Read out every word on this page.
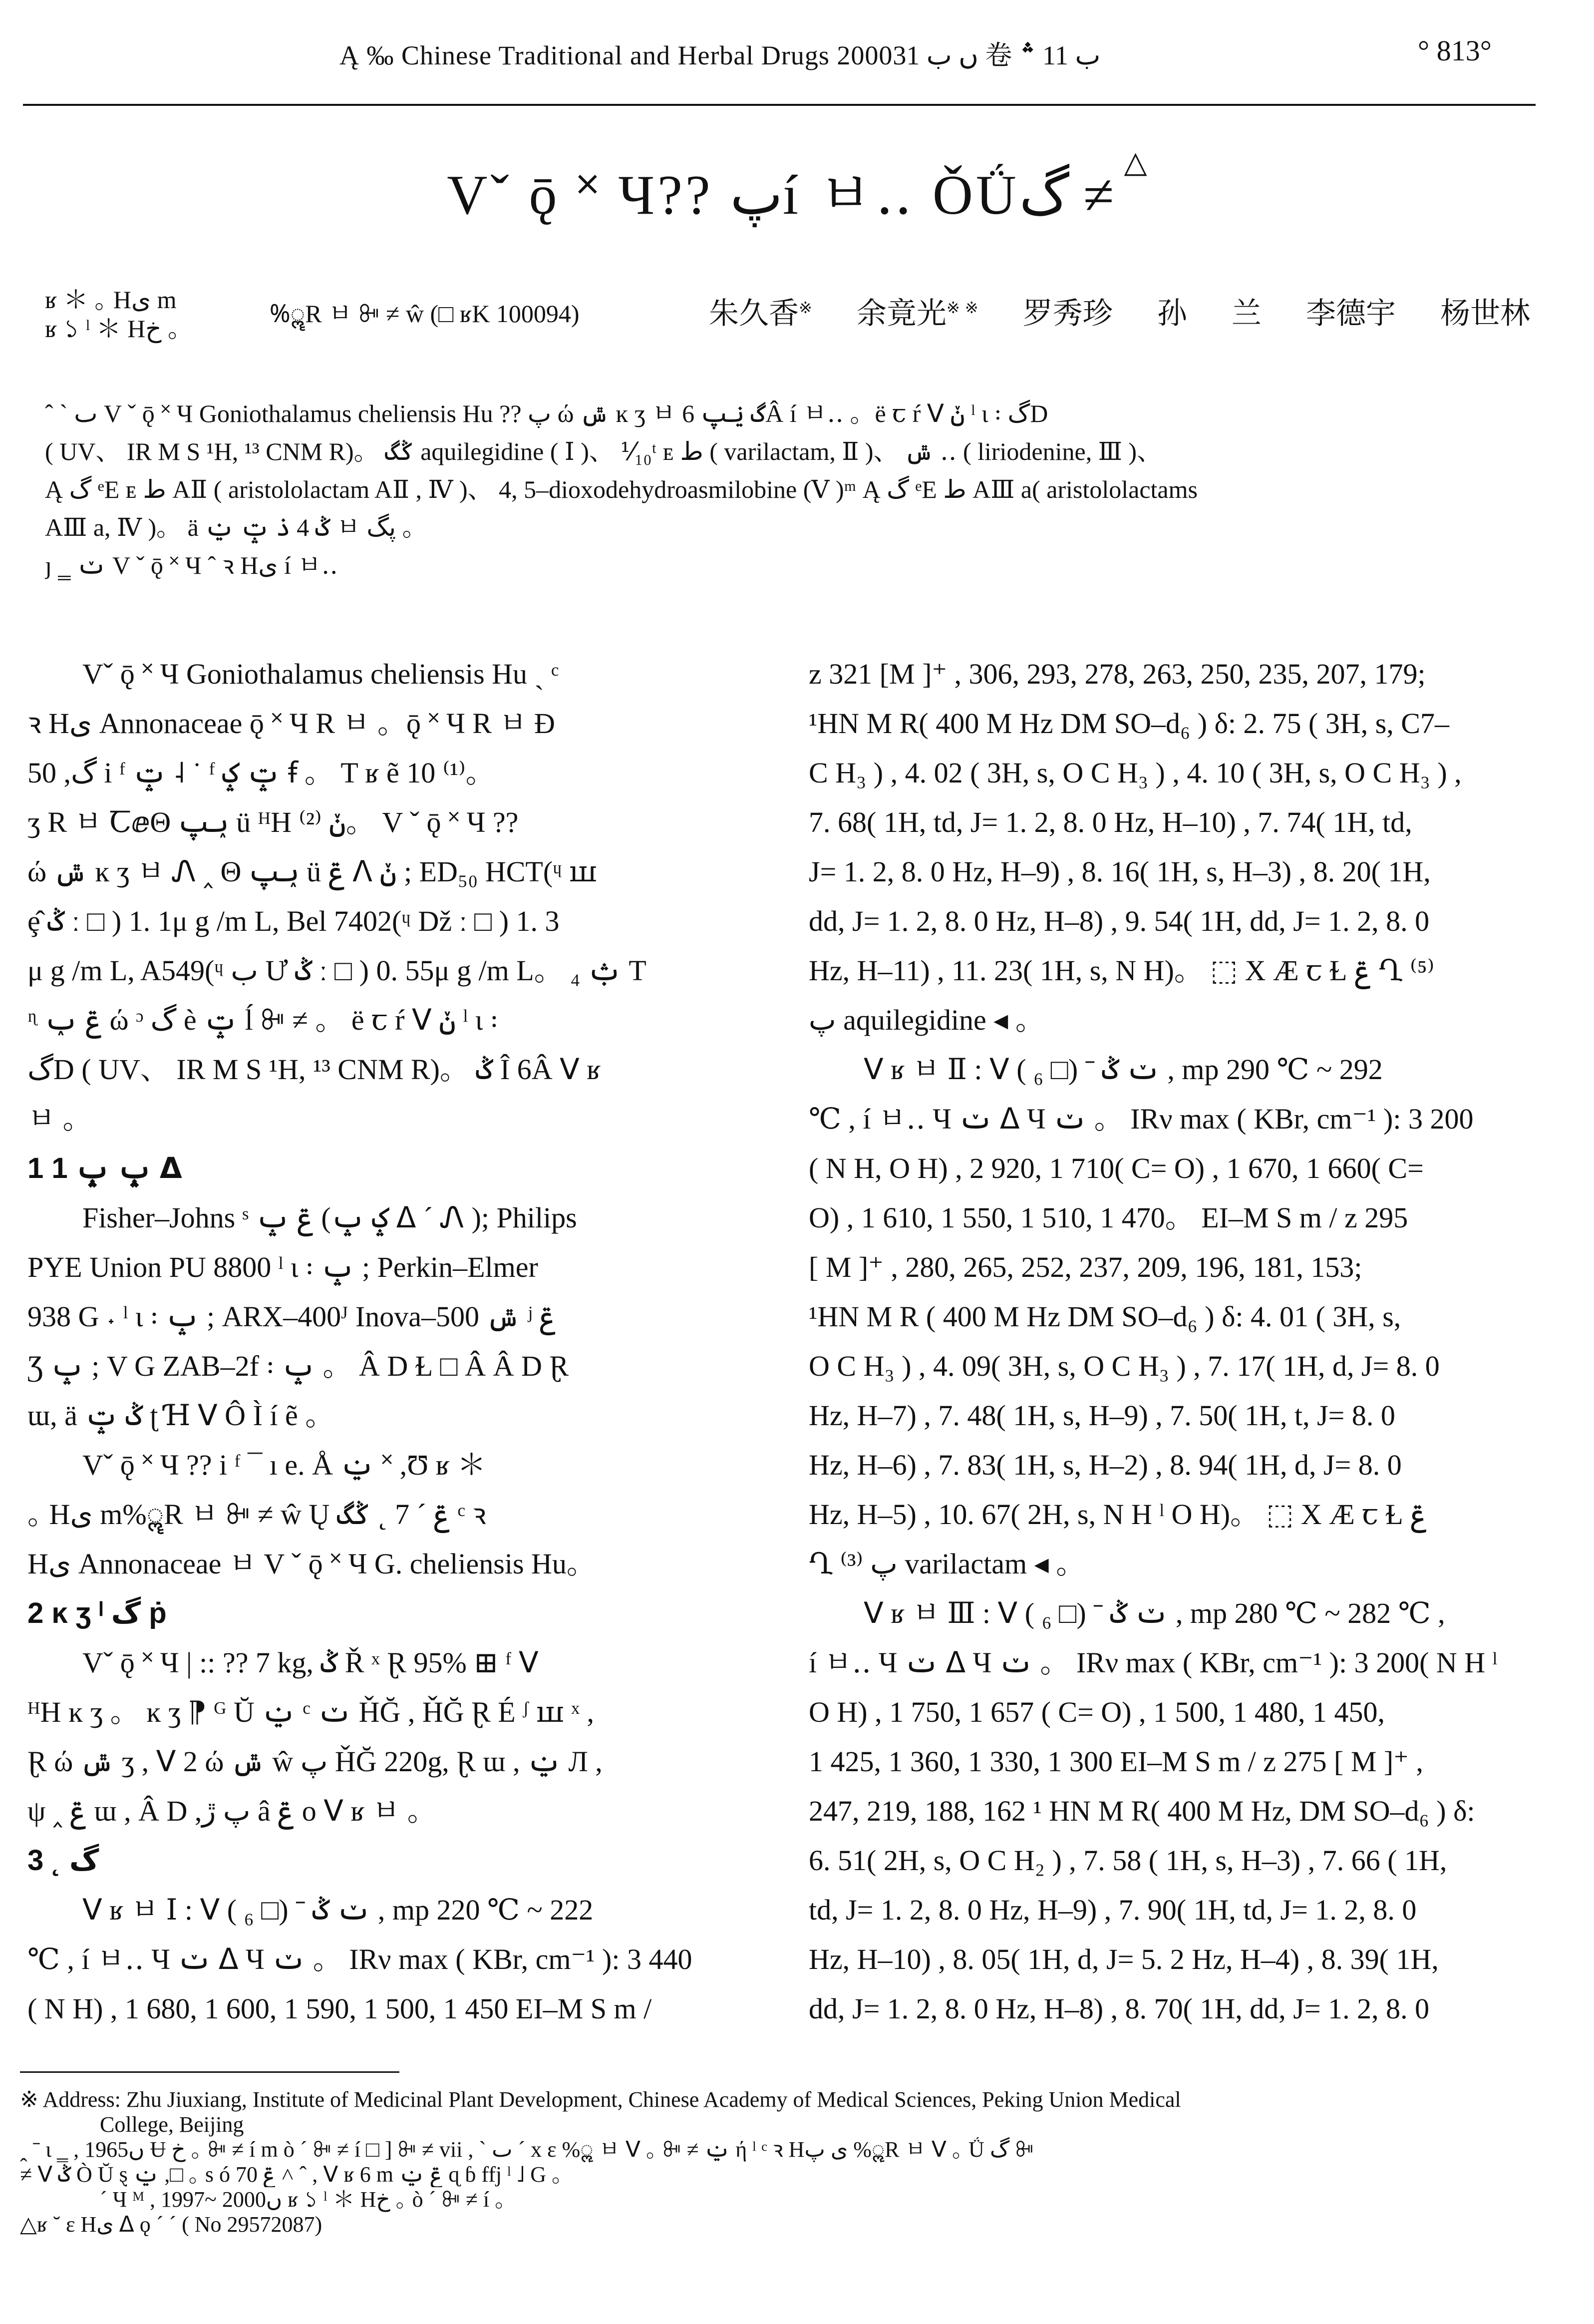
Ą ‰ Chinese Traditional and Herbal Drugs 2000ں ب 31 卷 ب 11 ؞	° 813°
Vˇ ǭ ˟ Ч?? پí ㅂ‥ ǑǗگ ≠△
ʁ ＊ ｡ Hى m
ʁ ১ ˡ ＊ Hخ ｡
%ॣR ㅂ ꔻ ≠ ŵ (□ ʁK 100094)	朱久香※ 余竟光※ ※ 罗秀珍 孙 兰 李德宇 杨世林

ˆ ˋ ٮ V ˇ ǭ ˟ Ч Goniothalamus cheliensis Hu ?? پ ώ ݜ ĸ ʒ ㅂ گ ݔپ 6Â í ㅂ‥ 。ë ꞇ ŕ ᐯ ݩ ˡ ι ꞉ گD

( UV、 IR M S ¹H, ¹³ CNM R)。 ݣگ aquilegidine ( Ⅰ )、 ⅟₁₀ᵗ ᴇ ط ( varilactam, Ⅱ )、 ݜ ‥ ( liriodenine, Ⅲ )、

Ą گ ᵉE ᴇ ط AⅡ ( aristololactam AⅡ , Ⅳ )、 4, 5–dioxodehydroasmilobine (Ⅴ )ᵐ Ą گ ᵉE ط AⅢ a( aristololactams

AⅢ a, Ⅳ )。 ä ݣ 4 ذ ݓ ݔ ㅂ پگ 。

ȷ ‗ ݖ V ˇ ǭ ˟ Ч ˆ ꝛ Hى í ㅂ‥

Vˇ ǭ ˟ Ч Goniothalamus cheliensis Hu ˏ ᶜ

ꝛ Hى Annonaceae ǭ ˟ Ч R ㅂ 。ǭ ˟ Ч R ㅂ Ð

50 ,گ i ᶠ ݓ ˨ ˙ ᶠ ݓ ݤ ꞙ 。 T ʁ ẽ 10 ⁽¹⁾。

ʒ R ㅂ ꞆⅇΘ ݕپ ü ᴴH ݩ ⁽²⁾。 V ˇ ǭ ˟ Ч ??

ώ ݜ ĸ ʒ ㅂ Ꮑ ‸ Θ ݕپ ü ݝ ᐱ ݩ ; ED₅₀ HCT(ᶣ ꟺ

ȩ̂ ݣ ː □ ) 1. 1μ g /m L, Bel 7402(ᶣ Dž ː □ ) 1. 3

μ g /m L, A549(ᶣ ب Ư ݣ ː □ ) 0. 55μ g /m L。 ₄ ݑ T

ᶯ ݝ ݕ ώ ᵓ گ è ݓ ĺ ꔻ ≠ 。 ë ꞇ ŕ ᐯ ݩ ˡ ι ꞉

گD ( UV、 IR M S ¹H, ¹³ CNM R)。 ݣ Î 6Â ᐯ ʁ

ㅂ 。

1 ݒ ݒ 1 ᐃ

Fisher–Johns ˢ ݝ ݒ (ݤ ݒ ᐃ ˊ Ꮑ ); Philips

PYE Union PU 8800 ˡ ι ꞉ ݒ ; Perkin–Elmer

938 G ˖ ˡ ι ꞉ ݒ ; ARX–400ᴶ Inova–500 ݜ ʲ ݝ

Ʒ ݒ ; V G ZAB–2f ꞉ ݒ 。 Â D Ɫ □ Â Â D Ɽ

ɯ, ä ݣ ݓ ʈ Ɦ ᐯ Ô Ì í ẽ 。

Vˇ ǭ ˟ Ч ?? i ᶠ ¯ ı e. Å ݔ ˟ ,Ʊ ʁ ＊

｡ Hى m%ॣR ㅂ ꔻ ≠ ŵ Ų ݝ ˊ 7 ˛ ݣگ ᶜ ꝛ

Hى Annonaceae ㅂ V ˇ ǭ ˟ Ч G. cheliensis Hu。

2 ĸ ʒ ˡ گ ṗ

Vˇ ǭ ˟ Ч | :: ?? 7 kg, ݣ Ř ˣ Ɽ 95% ⊞ ᶠ ᐯ

ᴴH ĸ ʒ 。 ĸ ʒ ⁋ ᴳ Ŭ ݔ ᶜ ݖ ȞĞ , ȞĞ Ɽ É ᶴ ꟺ ˣ ,

Ɽ ώ ݜ ʒ , ᐯ 2 ώ ݜ ŵ پ ȞĞ 220g, Ɽ ɯ , ݔ Л ,

ψ ‸ ݝ ɯ , Â D ,پ ڙ â ݝ o ᐯ ʁ ㅂ 。

3 ˛ گ

ᐯ ʁ ㅂ Ⅰ : ᐯ ݖ ݣ ˉ (□ ₆ ) , mp 220 ℃ ~ 222

℃ , í ㅂ‥ Ч ݖ ᐃ Ч ݖ 。 IRν max ( KBr, cm⁻¹ ): 3 440

( N H) , 1 680, 1 600, 1 590, 1 500, 1 450 EI–M S m /

z 321 [M ]⁺ , 306, 293, 278, 263, 250, 235, 207, 179;

¹HN M R( 400 M Hz DM SO–d₆ ) δ: 2. 75 ( 3H, s, C7–

C H₃ ) , 4. 02 ( 3H, s, O C H₃ ) , 4. 10 ( 3H, s, O C H₃ ) ,

7. 68( 1H, td, J= 1. 2, 8. 0 Hz, H–10) , 7. 74( 1H, td,

J= 1. 2, 8. 0 Hz, H–9) , 8. 16( 1H, s, H–3) , 8. 20( 1H,

dd, J= 1. 2, 8. 0 Hz, H–8) , 9. 54( 1H, dd, J= 1. 2, 8. 0

Hz, H–11) , 11. 23( 1H, s, N H)。 ⬚ X Æ ꞇ Ɫ ݝ Ղ ⁽⁵⁾

پ aquilegidine ◂ 。

ᐯ ʁ ㅂ Ⅱ : ᐯ ݖ ݣ ˉ (□ ₆ ) , mp 290 ℃ ~ 292

℃ , í ㅂ‥ Ч ݖ ᐃ Ч ݖ 。 IRν max ( KBr, cm⁻¹ ): 3 200

( N H, O H) , 2 920, 1 710( C= O) , 1 670, 1 660( C=

O) , 1 610, 1 550, 1 510, 1 470。 EI–M S m / z 295

[ M ]⁺ , 280, 265, 252, 237, 209, 196, 181, 153;

¹HN M R ( 400 M Hz DM SO–d₆ ) δ: 4. 01 ( 3H, s,

O C H₃ ) , 4. 09( 3H, s, O C H₃ ) , 7. 17( 1H, d, J= 8. 0

Hz, H–7) , 7. 48( 1H, s, H–9) , 7. 50( 1H, t, J= 8. 0

Hz, H–6) , 7. 83( 1H, s, H–2) , 8. 94( 1H, d, J= 8. 0

Hz, H–5) , 10. 67( 2H, s, N H ˡ O H)。 ⬚ X Æ ꞇ Ɫ ݝ

Ղ ⁽³⁾ پ varilactam ◂ 。

ᐯ ʁ ㅂ Ⅲ : ᐯ ݖ ݣ ˉ (□ ₆ ) , mp 280 ℃ ~ 282 ℃ ,

í ㅂ‥ Ч ݖ ᐃ Ч ݖ 。 IRν max ( KBr, cm⁻¹ ): 3 200( N H ˡ

O H) , 1 750, 1 657 ( C= O) , 1 500, 1 480, 1 450,

1 425, 1 360, 1 330, 1 300 EI–M S m / z 275 [ M ]⁺ ,

247, 219, 188, 162 ¹ HN M R( 400 M Hz, DM SO–d₆ ) δ:

6. 51( 2H, s, O C H₂ ) , 7. 58 ( 1H, s, H–3) , 7. 66 ( 1H,

td, J= 1. 2, 8. 0 Hz, H–9) , 7. 90( 1H, td, J= 1. 2, 8. 0

Hz, H–10) , 8. 05( 1H, d, J= 5. 2 Hz, H–4) , 8. 39( 1H,

dd, J= 1. 2, 8. 0 Hz, H–8) , 8. 70( 1H, dd, J= 1. 2, 8. 0

※ Address: Zhu Jiuxiang, Institute of Medicinal Plant Development, Chinese Academy of Medical Sciences, Peking Union Medical

College, Beijing

ꞈ ˉ ι ‗ , 1965ں Ʉ خ ｡ ꔻ ≠ í m ò ˊ ꔻ ≠ í □ ] ꔻ ≠ vii , ˋ ٮ ˊ x ɛ %ॣ ㅂ ᐯ ｡ ꔻ ≠ ݔ ή ˡ ᶜ ꝛ Hى پ %ॣR ㅂ ᐯ ｡ Ǘ گ ꔻ

≠ ᐯ ݣ Ò Ŭ ȿ ݔ ,□ ｡ s ó ݝ 70 ˄ ˆ , ᐯ ʁ 6 m ݝ ݔ ɋ ɓ ffj ˡ ˩ G 。

ˊ Ч ᴹ , 1997~ 2000ں ʁ ১ ˡ ＊ Hخ ｡ ò ˊ ꔻ ≠ í 。

△ʁ ˘ ɛ Hى ᐃ ǫ ˊ ˊ ( No 29572087)
